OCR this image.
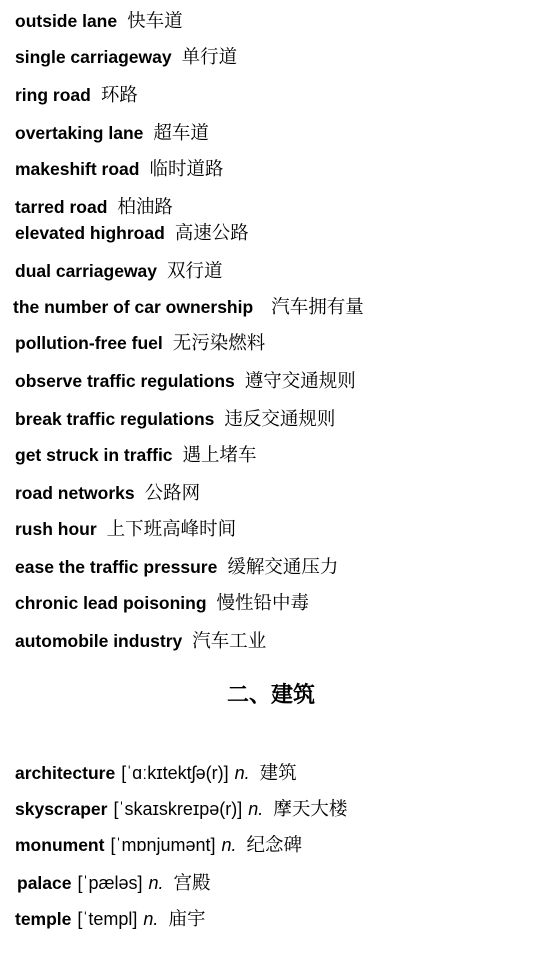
outside lane 快车道
single carriageway 单行道
ring road 环路
overtaking lane 超车道
makeshift road 临时道路
tarred road 柏油路
elevated highroad 高速公路
dual carriageway 双行道
the number of car ownership 汽车拥有量
pollution-free fuel 无污染燃料
observe traffic regulations 遵守交通规则
break traffic regulations 违反交通规则
get struck in traffic 遇上堵车
road networks 公路网
rush hour 上下班高峰时间
ease the traffic pressure 缓解交通压力
chronic lead poisoning 慢性铅中毒
automobile industry 汽车工业
二、建筑
architecture [ˈɑːkɪtektʃə(r)] n. 建筑
skyscraper [ˈskaɪskreɪpə(r)] n. 摩天大楼
monument [ˈmɒnjumənt] n. 纪念碑
palace [ˈpæləs] n. 宫殿
temple [ˈtempl] n. 庙宇
